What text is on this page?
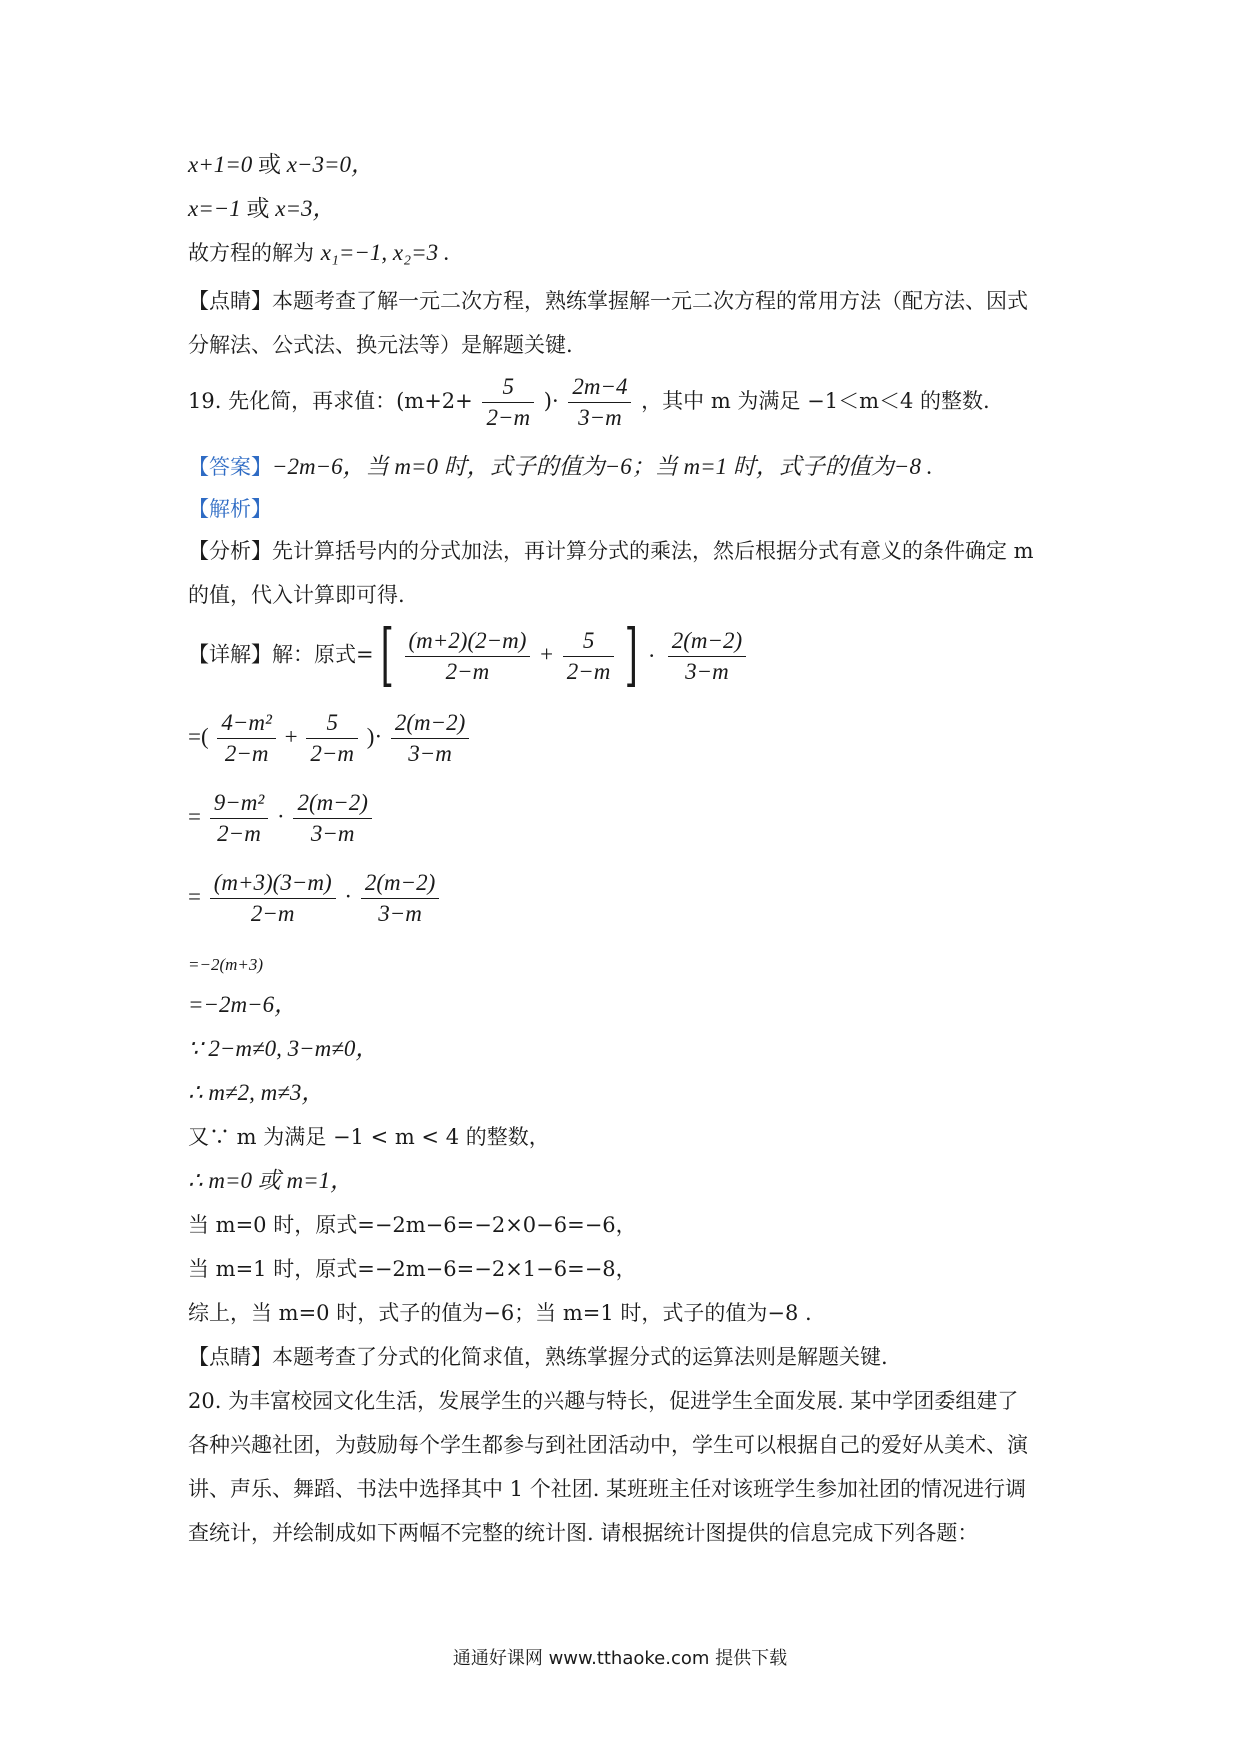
x+1=0 或 x−3=0，
x=−1 或 x=3，
故方程的解为 x₁=−1, x₂=3 .
【点睛】本题考查了解一元二次方程，熟练掌握解一元二次方程的常用方法（配方法、因式
分解法、公式法、换元法等）是解题关键.
19. 先化简，再求值：($m+2+ \frac{5}{2-m}$ )· $\frac{2m-4}{3-m}$ ，其中 m 为满足 −1＜m＜4 的整数.
【答案】−2m−6，当 m=0 时，式子的值为−6；当 m=1 时，式子的值为−8 .
【解析】
【分析】先计算括号内的分式加法，再计算分式的乘法，然后根据分式有意义的条件确定 m
的值，代入计算即可得.
【详解】解：原式= [ $\frac{(m+2)(2-m)}{2-m} + \frac{5}{2-m}$ ] · $\frac{2(m-2)}{3-m}$
=( $\frac{\text{4−m²}}{2-m} + \frac{5}{2-m}$ )· $\frac{2(m-2)}{3-m}$
= $\frac{\text{9−m²}}{2-m} \cdot \frac{2(m-2)}{3-m}$
= $\frac{(m+3)(3-m)}{2-m} \cdot \frac{2(m-2)}{3-m}$
=−2(m+3)
=−2m−6，
∵ 2−m≠0, 3−m≠0，
∴ m≠2, m≠3，
又∵ m 为满足 −1 < m < 4 的整数，
∴ m=0 或 m=1，
当 m=0 时，原式=−2m−6=−2×0−6=−6，
当 m=1 时，原式=−2m−6=−2×1−6=−8，
综上，当 m=0 时，式子的值为−6；当 m=1 时，式子的值为−8 .
【点睛】本题考查了分式的化简求值，熟练掌握分式的运算法则是解题关键.
20. 为丰富校园文化生活，发展学生的兴趣与特长，促进学生全面发展. 某中学团委组建了
各种兴趣社团，为鼓励每个学生都参与到社团活动中，学生可以根据自己的爱好从美术、演
讲、声乐、舞蹈、书法中选择其中 1 个社团. 某班班主任对该班学生参加社团的情况进行调
查统计，并绘制成如下两幅不完整的统计图. 请根据统计图提供的信息完成下列各题：
通通好课网 www.tthaoke.com 提供下载
